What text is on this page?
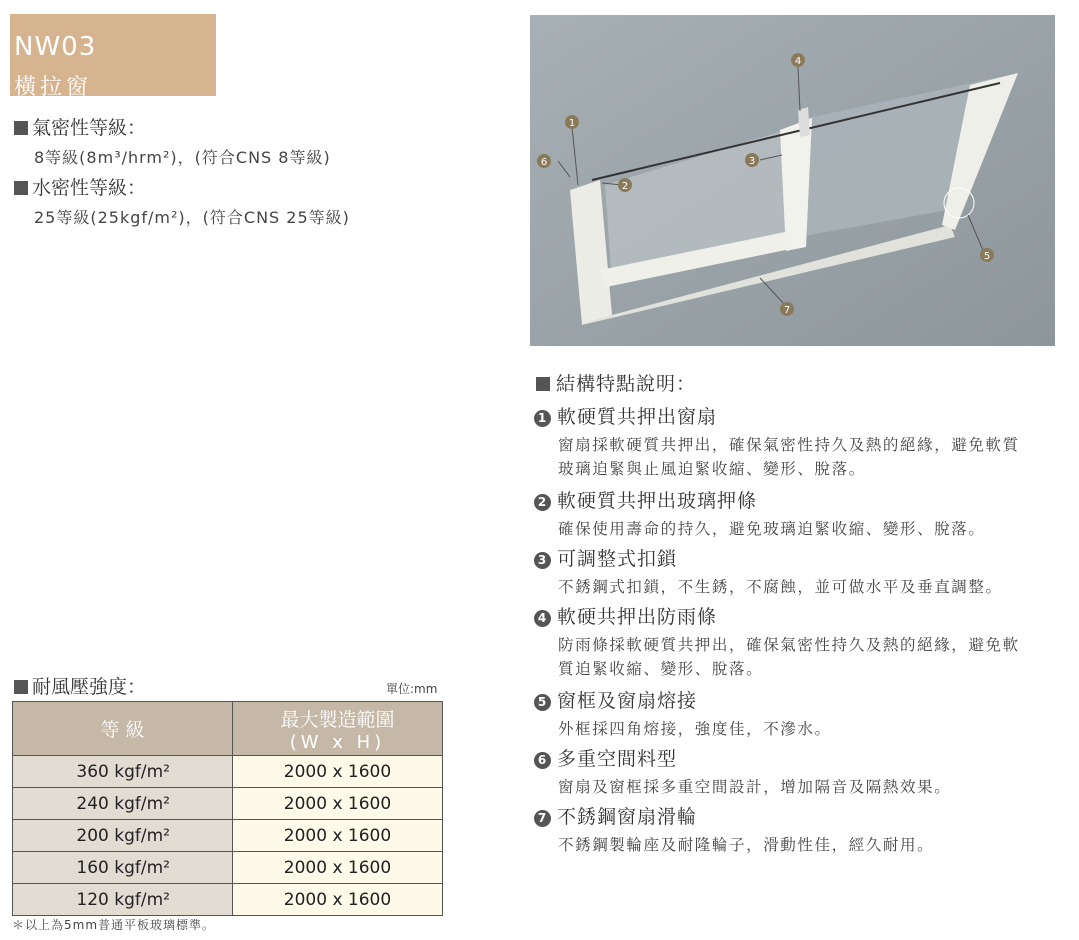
NW03
橫拉窗
氣密性等級：
8等級(8m³/hrm²)，(符合CNS 8等級)
水密性等級：
25等級(25kgf/m²)，(符合CNS 25等級)
耐風壓強度：	單位:mm
等 級	最大製造範圍
(W x H)

360 kgf/m²	2000 x 1600
240 kgf/m²	2000 x 1600
200 kgf/m²	2000 x 1600
160 kgf/m²	2000 x 1600
120 kgf/m²	2000 x 1600
＊以上為5mm普通平板玻璃標準。
1
2
3
4
5
6
7
結構特點說明：
1 軟硬質共押出窗扇
窗扇採軟硬質共押出，確保氣密性持久及熱的絕緣，避免軟質
玻璃迫緊與止風迫緊收縮、變形、脫落。
2 軟硬質共押出玻璃押條
確保使用壽命的持久，避免玻璃迫緊收縮、變形、脫落。
3 可調整式扣鎖
不銹鋼式扣鎖，不生銹，不腐蝕，並可做水平及垂直調整。
4 軟硬共押出防雨條
防雨條採軟硬質共押出，確保氣密性持久及熱的絕緣，避免軟
質迫緊收縮、變形、脫落。
5 窗框及窗扇熔接
外框採四角熔接，強度佳，不滲水。
6 多重空間料型
窗扇及窗框採多重空間設計，增加隔音及隔熱效果。
7 不銹鋼窗扇滑輪
不銹鋼製輪座及耐隆輪子，滑動性佳，經久耐用。
